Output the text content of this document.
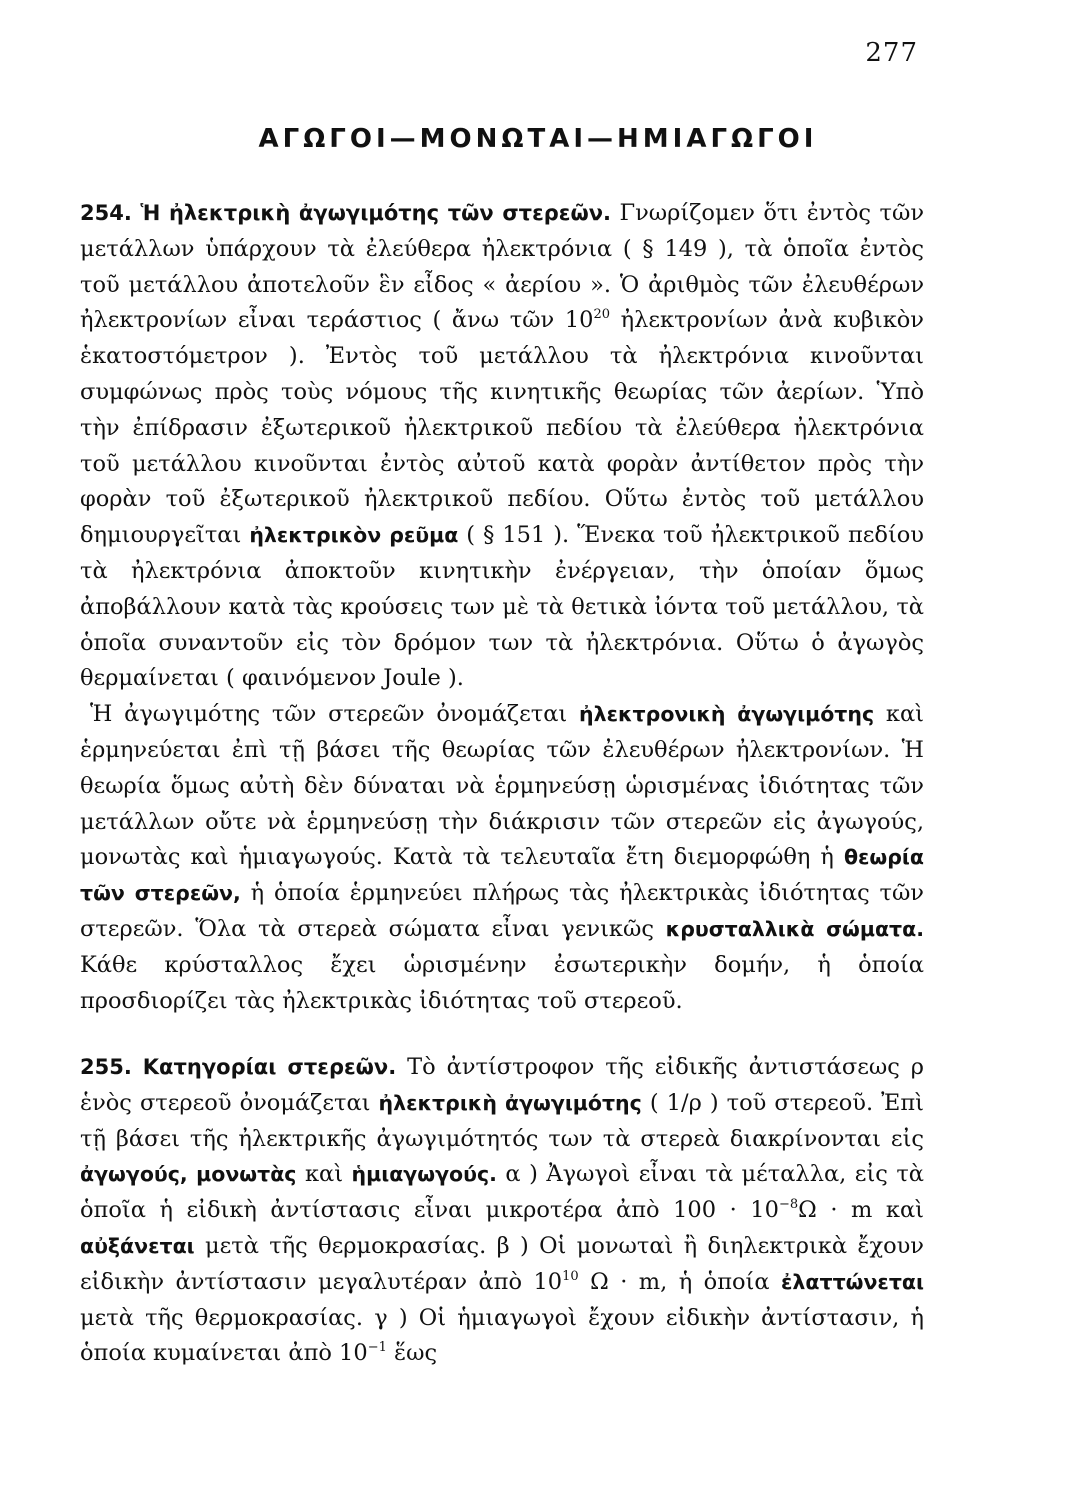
277
ΑΓΩΓΟΙ—ΜΟΝΩΤΑΙ—ΗΜΙΑΓΩΓΟΙ

254. Ἡ ἠλεκτρικὴ ἀγωγιμότης τῶν στερεῶν. Γνωρίζομεν ὅτι ἐντὸς τῶν μετάλλων ὑπάρχουν τὰ ἐλεύθερα ἠλεκτρόνια ( § 149 ), τὰ ὁποῖα ἐντὸς τοῦ μετάλλου ἀποτελοῦν ἓν εἶδος « ἀερίου ». Ὁ ἀριθμὸς τῶν ἐλευθέρων ἠλεκτρονίων εἶναι τεράστιος ( ἄνω τῶν $10^{20}$ ἠλεκτρονίων ἀνὰ κυβικὸν ἑκατοστόμετρον ). Ἐντὸς τοῦ μετάλλου τὰ ἠλεκτρόνια κινοῦνται συμφώνως πρὸς τοὺς νόμους τῆς κινητικῆς θεωρίας τῶν ἀερίων. Ὑπὸ τὴν ἐπίδρασιν ἐξωτερικοῦ ἠλεκτρικοῦ πεδίου τὰ ἐλεύθερα ἠλεκτρόνια τοῦ μετάλλου κινοῦνται ἐντὸς αὐτοῦ κατὰ φορὰν ἀντίθετον πρὸς τὴν φορὰν τοῦ ἐξωτερικοῦ ἠλεκτρικοῦ πεδίου. Οὕτω ἐντὸς τοῦ μετάλλου δημιουργεῖται ἠλεκτρικὸν ρεῦμα ( § 151 ). Ἕνεκα τοῦ ἠλεκτρικοῦ πεδίου τὰ ἠλεκτρόνια ἀποκτοῦν κινητικὴν ἐνέργειαν, τὴν ὁποίαν ὅμως ἀποβάλλουν κατὰ τὰς κρούσεις των μὲ τὰ θετικὰ ἰόντα τοῦ μετάλλου, τὰ ὁποῖα συναντοῦν εἰς τὸν δρόμον των τὰ ἠλεκτρόνια. Οὕτω ὁ ἀγωγὸς θερμαίνεται ( φαινόμενον Joule ).

Ἡ ἀγωγιμότης τῶν στερεῶν ὀνομάζεται ἠλεκτρονικὴ ἀγωγιμότης καὶ ἑρμηνεύεται ἐπὶ τῇ βάσει τῆς θεωρίας τῶν ἐλευθέρων ἠλεκτρονίων. Ἡ θεωρία ὅμως αὐτὴ δὲν δύναται νὰ ἑρμηνεύσῃ ὡρισμένας ἰδιότητας τῶν μετάλλων οὔτε νὰ ἑρμηνεύσῃ τὴν διάκρισιν τῶν στερεῶν εἰς ἀγωγούς, μονωτὰς καὶ ἡμιαγωγούς. Κατὰ τὰ τελευταῖα ἔτη διεμορφώθη ἡ θεωρία τῶν στερεῶν, ἡ ὁποία ἑρμηνεύει πλήρως τὰς ἠλεκτρικὰς ἰδιότητας τῶν στερεῶν. Ὅλα τὰ στερεὰ σώματα εἶναι γενικῶς κρυσταλλικὰ σώματα. Κάθε κρύσταλλος ἔχει ὡρισμένην ἐσωτερικὴν δομήν, ἡ ὁποία προσδιορίζει τὰς ἠλεκτρικὰς ἰδιότητας τοῦ στερεοῦ.

255. Κατηγορίαι στερεῶν. Τὸ ἀντίστροφον τῆς εἰδικῆς ἀντιστάσεως ρ ἑνὸς στερεοῦ ὀνομάζεται ἠλεκτρικὴ ἀγωγιμότης ( 1/ρ ) τοῦ στερεοῦ. Ἐπὶ τῇ βάσει τῆς ἠλεκτρικῆς ἀγωγιμότητός των τὰ στερεὰ διακρίνονται εἰς ἀγωγούς, μονωτὰς καὶ ἡμιαγωγούς. α ) Ἀγωγοὶ εἶναι τὰ μέταλλα, εἰς τὰ ὁποῖα ἡ εἰδικὴ ἀντίστασις εἶναι μικροτέρα ἀπὸ $100 \cdot 10^{-8}\Omega \cdot m$ καὶ αὐξάνεται μετὰ τῆς θερμοκρασίας. β ) Οἱ μονωταὶ ἢ διηλεκτρικὰ ἔχουν εἰδικὴν ἀντίστασιν μεγαλυτέραν ἀπὸ $10^{10}$ Ω · m, ἡ ὁποία ἐλαττώνεται μετὰ τῆς θερμοκρασίας. γ ) Οἱ ἡμιαγωγοὶ ἔχουν εἰδικὴν ἀντίστασιν, ἡ ὁποία κυμαίνεται ἀπὸ $10^{-1}$ ἕως
